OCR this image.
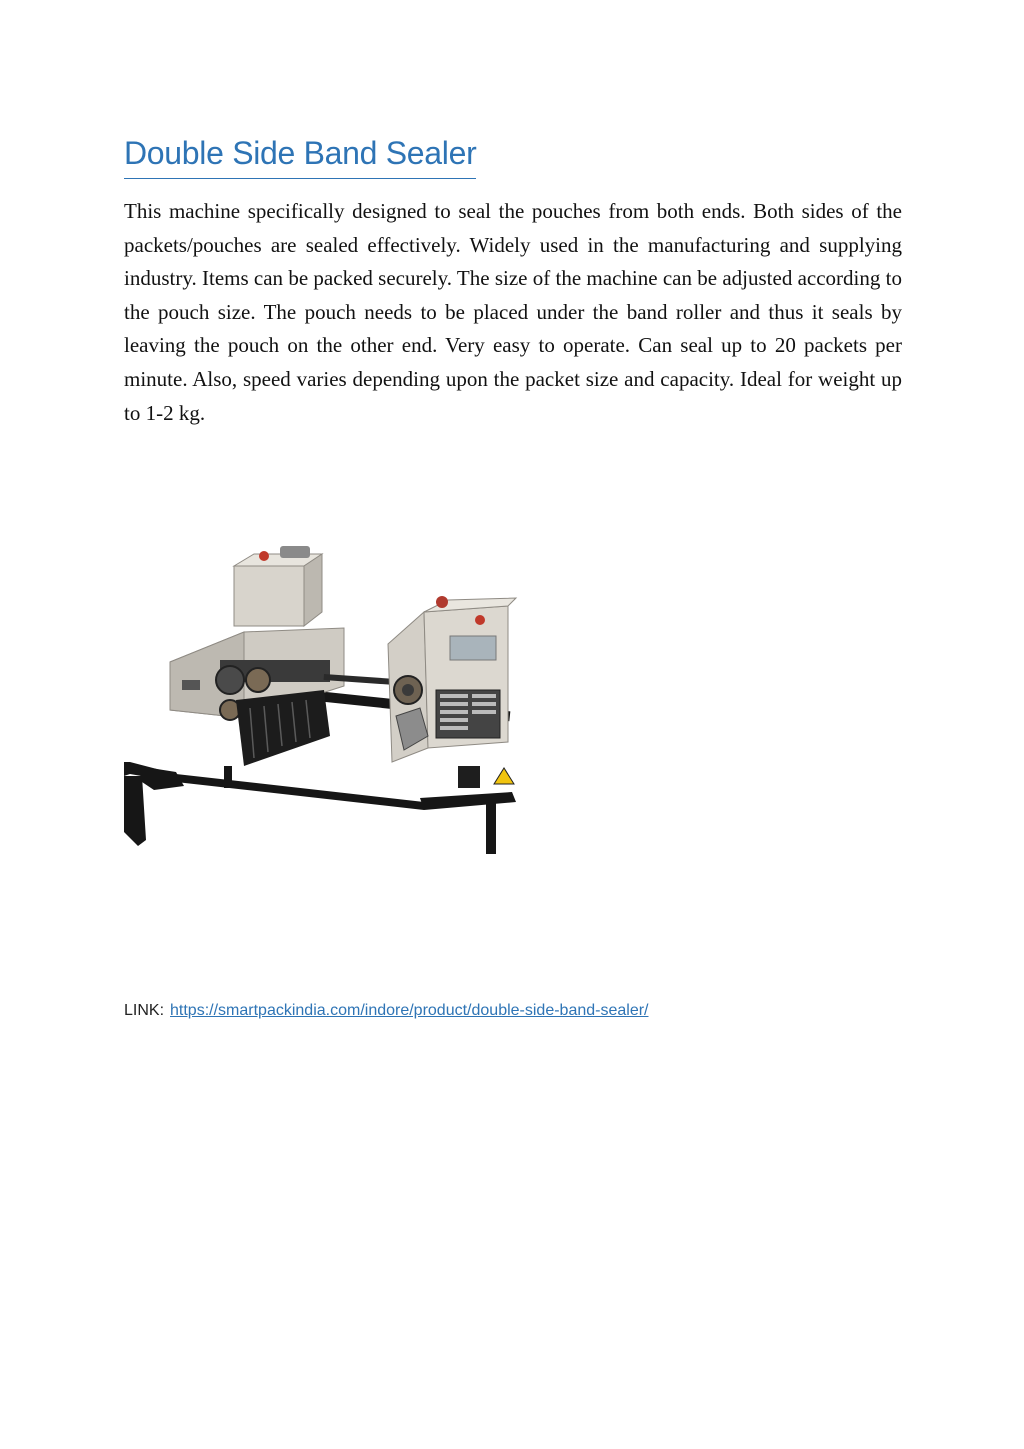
Double Side Band Sealer

This machine specifically designed to seal the pouches from both ends. Both sides of the packets/pouches are sealed effectively. Widely used in the manufacturing and supplying industry. Items can be packed securely. The size of the machine can be adjusted according to the pouch size. The pouch needs to be placed under the band roller and thus it seals by leaving the pouch on the other end. Very easy to operate. Can seal up to 20 packets per minute. Also, speed varies depending upon the packet size and capacity. Ideal for weight up to 1-2 kg.

LINK: https://smartpackindia.com/indore/product/double-side-band-sealer/
